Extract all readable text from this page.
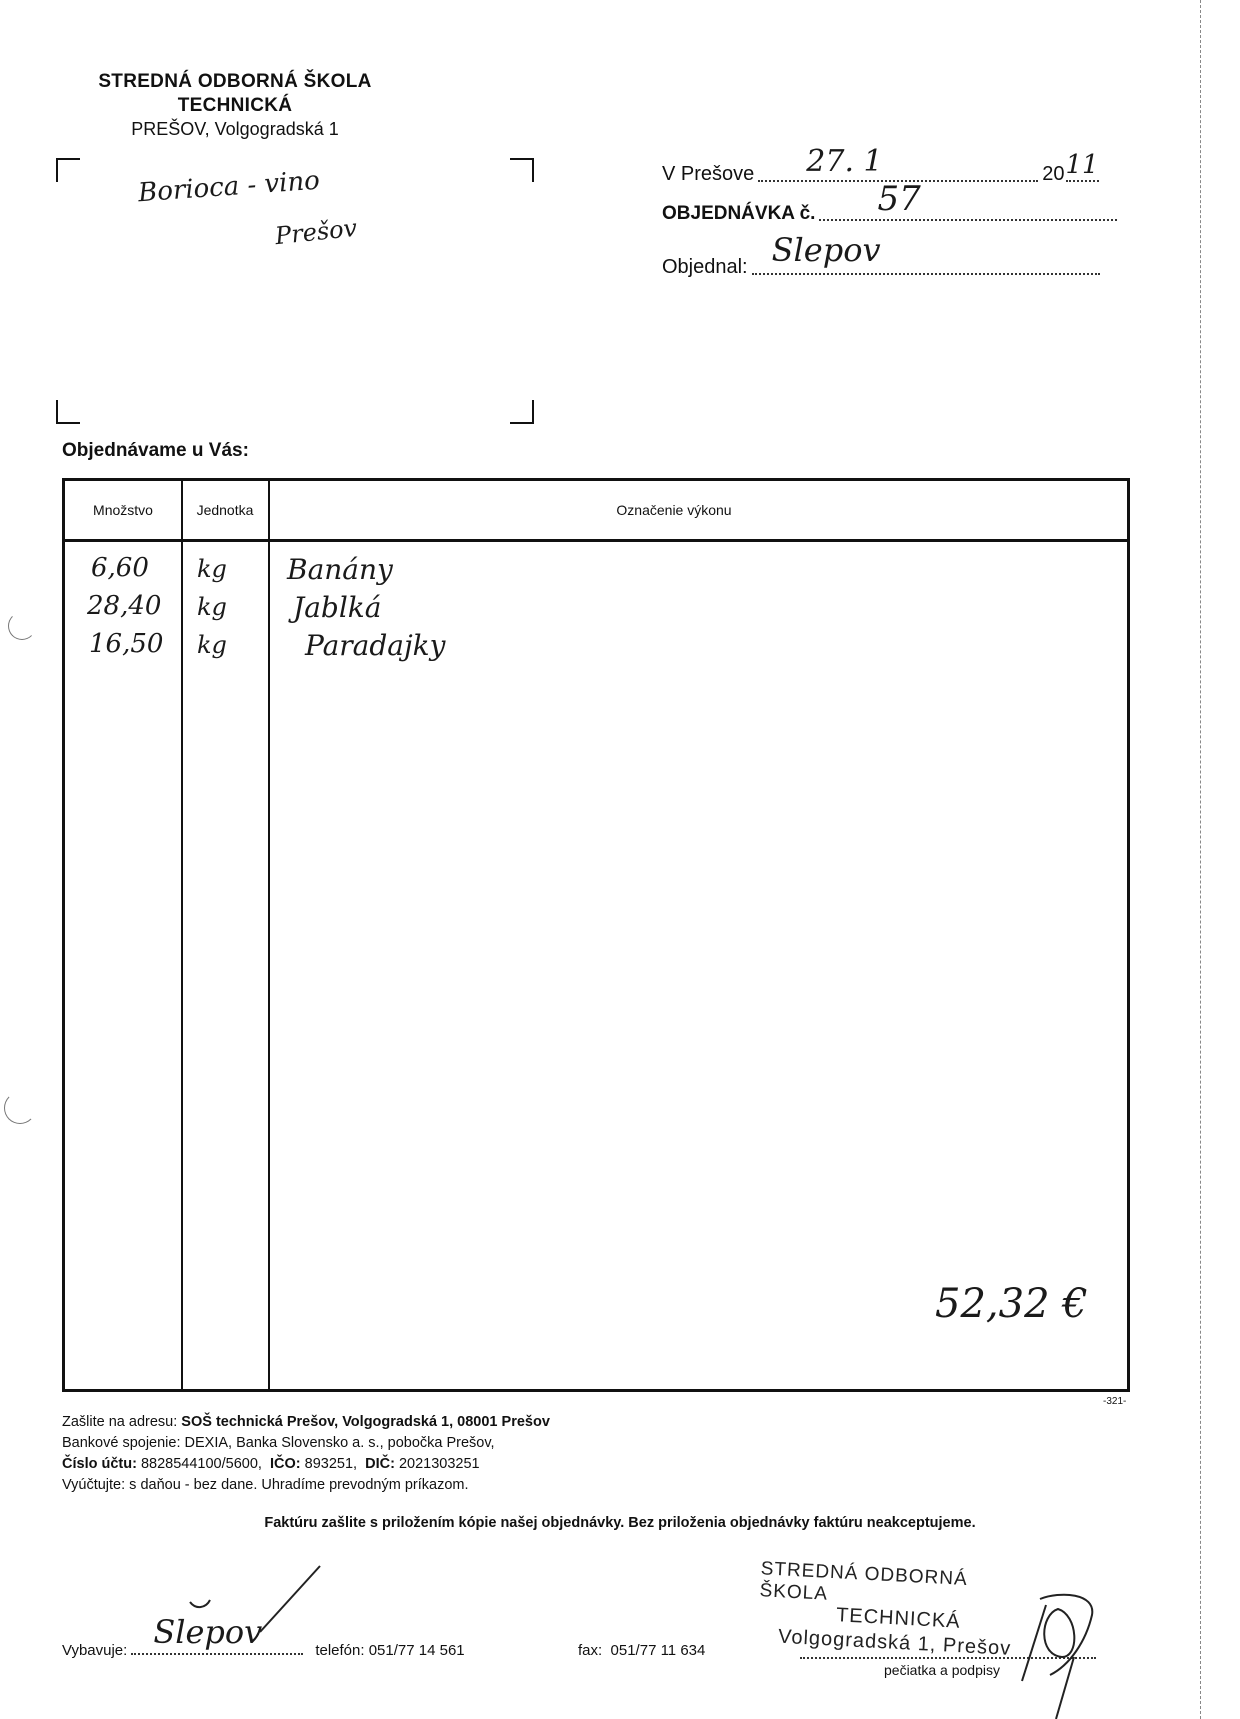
STREDNÁ ODBORNÁ ŠKOLA
TECHNICKÁ
PREŠOV, Volgogradská 1
Borioca - vino
Prešov
V Prešove 27. 1	20 11
OBJEDNÁVKA č. 57
Objednal: Slepov
Objednávame u Vás:
Množstvo	Jednotka	Označenie výkonu
6,60 kg Banány
28,40 kg Jablká
16,50 kg	Paradajky
52,32 €
-321-
Zašlite na adresu: SOŠ technická Prešov, Volgogradská 1, 08001 Prešov
Bankové spojenie: DEXIA, Banka Slovensko a. s., pobočka Prešov,
Číslo účtu: 8828544100/5600, IČO: 893251, DIČ: 2021303251
Vyúčtujte: s daňou - bez dane. Uhradíme prevodným príkazom.
Faktúru zašlite s priložením kópie našej objednávky. Bez priloženia objednávky faktúru neakceptujeme.
Vybavuje: Slepov	telefón:
051/77 14 561	fax: 051/77 11 634
STREDNÁ ODBORNÁ ŠKOLA
TECHNICKÁ
Volgogradská 1, Prešov
pečiatka a podpisy
